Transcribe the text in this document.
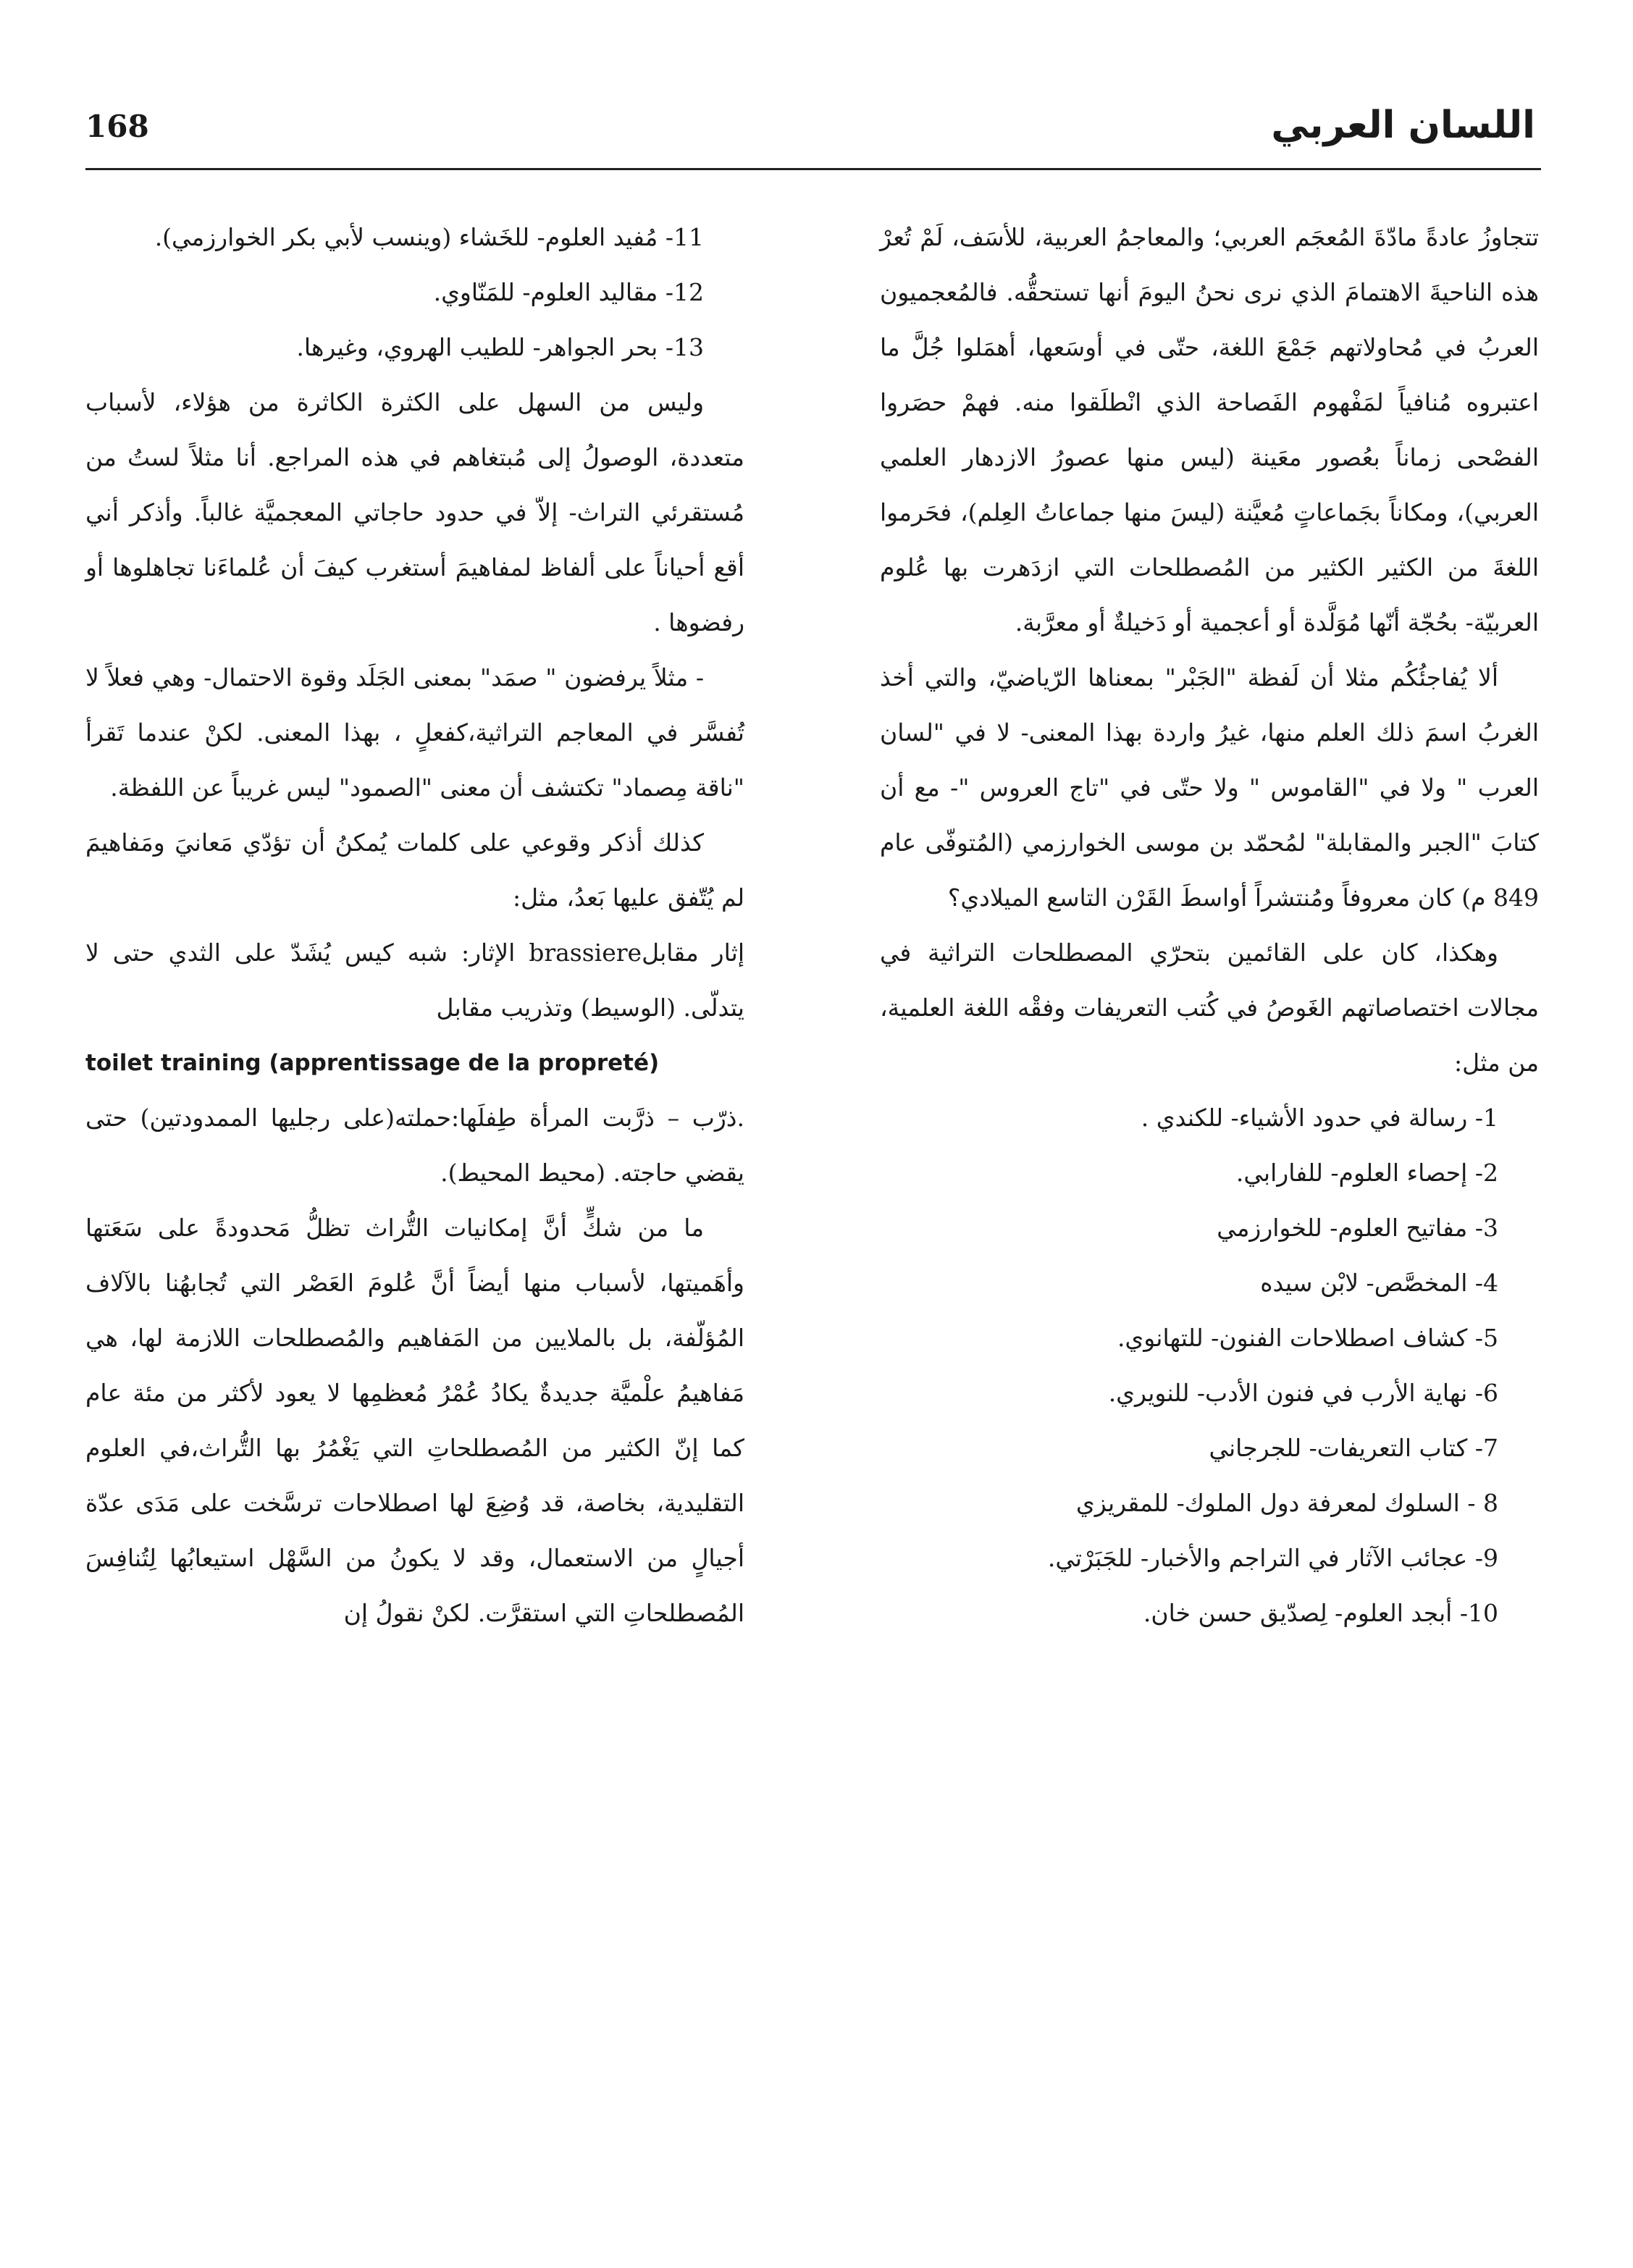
168	اللسان العربي

تتجاوزُ عادةً مادّةَ المُعجَم العربي؛ والمعاجمُ العربية، للأسَف، لَمْ تُعرْ هذه الناحيةَ الاهتمامَ الذي نرى نحنُ اليومَ أنها تستحقُّه. فالمُعجميون العربُ في مُحاولاتهم جَمْعَ اللغة، حتّى في أوسَعها، أهمَلوا جُلَّ ما اعتبروه مُنافياً لمَفْهوم الفَصاحة الذي انْطلَقوا منه. فهمْ حصَروا الفصْحى زماناً بعُصور معَينة (ليس منها عصورُ الازدهار العلمي العربي)، ومكاناً بجَماعاتٍ مُعيَّنة (ليسَ منها جماعاتُ العِلم)، فحَرموا اللغةَ من الكثير الكثير من المُصطلحات التي ازدَهرت بها عُلوم العربيّة- بحُجّة أنّها مُوَلَّدة أو أعجمية أو دَخيلةٌ أو معرَّبة.

ألا يُفاجئُكُم مثلا أن لَفظة "الجَبْر" بمعناها الرّياضيّ، والتي أخذ الغربُ اسمَ ذلك العلم منها، غيرُ واردة بهذا المعنى- لا في "لسان العرب " ولا في "القاموس " ولا حتّى في "تاج العروس "- مع أن كتابَ "الجبر والمقابلة" لمُحمّد بن موسى الخوارزمي (المُتوفّى عام 849 م) كان معروفاً ومُنتشراً أواسطَ القَرْن التاسع الميلادي؟

وهكذا، كان على القائمين بتحرّي المصطلحات التراثية في مجالات اختصاصاتهم الغَوصُ في كُتب التعريفات وفقْه اللغة العلمية، من مثل:

1- رسالة في حدود الأشياء- للكندي .

2- إحصاء العلوم- للفارابي.

3- مفاتيح العلوم- للخوارزمي

4- المخصَّص- لابْن سيده

5- كشاف اصطلاحات الفنون- للتهانوي.

6- نهاية الأرب في فنون الأدب- للنويري.

7- كتاب التعريفات- للجرجاني

8 - السلوك لمعرفة دول الملوك- للمقريزي

9- عجائب الآثار في التراجم والأخبار- للجَبَرْتي.

10- أبجد العلوم- لِصدّيق حسن خان.

11- مُفيد العلوم- للخَشاء (وينسب لأبي بكر الخوارزمي).

12- مقاليد العلوم- للمَنّاوي.

13- بحر الجواهر- للطيب الهروي، وغيرها.

وليس من السهل على الكثرة الكاثرة من هؤلاء، لأسباب متعددة، الوصولُ إلى مُبتغاهم في هذه المراجع. أنا مثلاً لستُ من مُستقرئي التراث- إلاّ في حدود حاجاتي المعجميَّة غالباً. وأذكر أني أقع أحياناً على ألفاظ لمفاهيمَ أستغرب كيفَ أن عُلماءَنا تجاهلوها أو رفضوها .

- مثلاً يرفضون " صمَد" بمعنى الجَلَد وقوة الاحتمال- وهي فعلاً لا تُفسَّر في المعاجم التراثية،كفعلٍ ، بهذا المعنى. لكنْ عندما تَقرأ "ناقة مِصماد" تكتشف أن معنى "الصمود" ليس غريباً عن اللفظة.

كذلك أذكر وقوعي على كلمات يُمكنُ أن تؤدّي مَعانيَ ومَفاهيمَ لم يُتّفق عليها بَعدُ، مثل:

إثار مقابلbrassiere الإثار: شبه كيس يُشَدّ على الثدي حتى لا يتدلّى. (الوسيط) وتذريب مقابل

toilet training (apprentissage de la propreté)

.ذرّب – ذرَّبت المرأة طِفلَها:حملته(على رجليها الممدودتين) حتى يقضي حاجته. (محيط المحيط).

ما من شكٍّ أنَّ إمكانيات التُّراث تظلُّ مَحدودةً على سَعَتها وأهَميتها، لأسباب منها أيضاً أنَّ عُلومَ العَصْر التي تُجابهُنا بالآلاف المُؤلّفة، بل بالملايين من المَفاهيم والمُصطلحات اللازمة لها، هي مَفاهيمُ علْميَّة جديدةٌ يكادُ عُمْرُ مُعظمِها لا يعود لأكثر من مئة عام كما إنّ الكثير من المُصطلحاتِ التي يَغْمُرُ بها التُّراث،في العلوم التقليدية، بخاصة، قد وُضِعَ لها اصطلاحات ترسَّخت على مَدَى عدّة أجيالٍ من الاستعمال، وقد لا يكونُ من السَّهْل استيعابُها لِتُنافِسَ المُصطلحاتِ التي استقرَّت. لكنْ نقولُ إن
